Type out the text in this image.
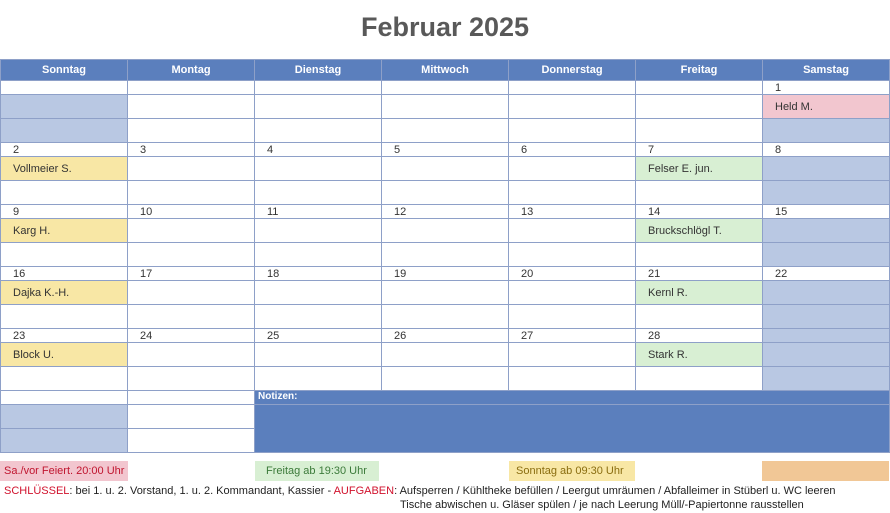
Februar 2025
Sonntag	Montag	Dienstag	Mittwoch	Donnerstag	Freitag	Samstag
						1
						Held M.

2	3	4	5	6	7	8
Vollmeier S.					Felser E. jun.	

9	10	11	12	13	14	15
Karg H.					Bruckschlögl T.	

16	17	18	19	20	21	22
Dajka K.-H.					Kernl R.	

23	24	25	26	27	28	
Block U.					Stark R.	

		Notizen:				

Sa./vor Feiert. 20:00 Uhr	Freitag ab 19:30 Uhr	Sonntag ab 09:30 Uhr
SCHLÜSSEL: bei 1. u. 2. Vorstand, 1. u. 2. Kommandant, Kassier - AUFGABEN: Aufsperren / Kühltheke befüllen / Leergut umräumen / Abfalleimer in Stüberl u. WC leeren
Tische abwischen u. Gläser spülen / je nach Leerung Müll/-Papiertonne rausstellen
